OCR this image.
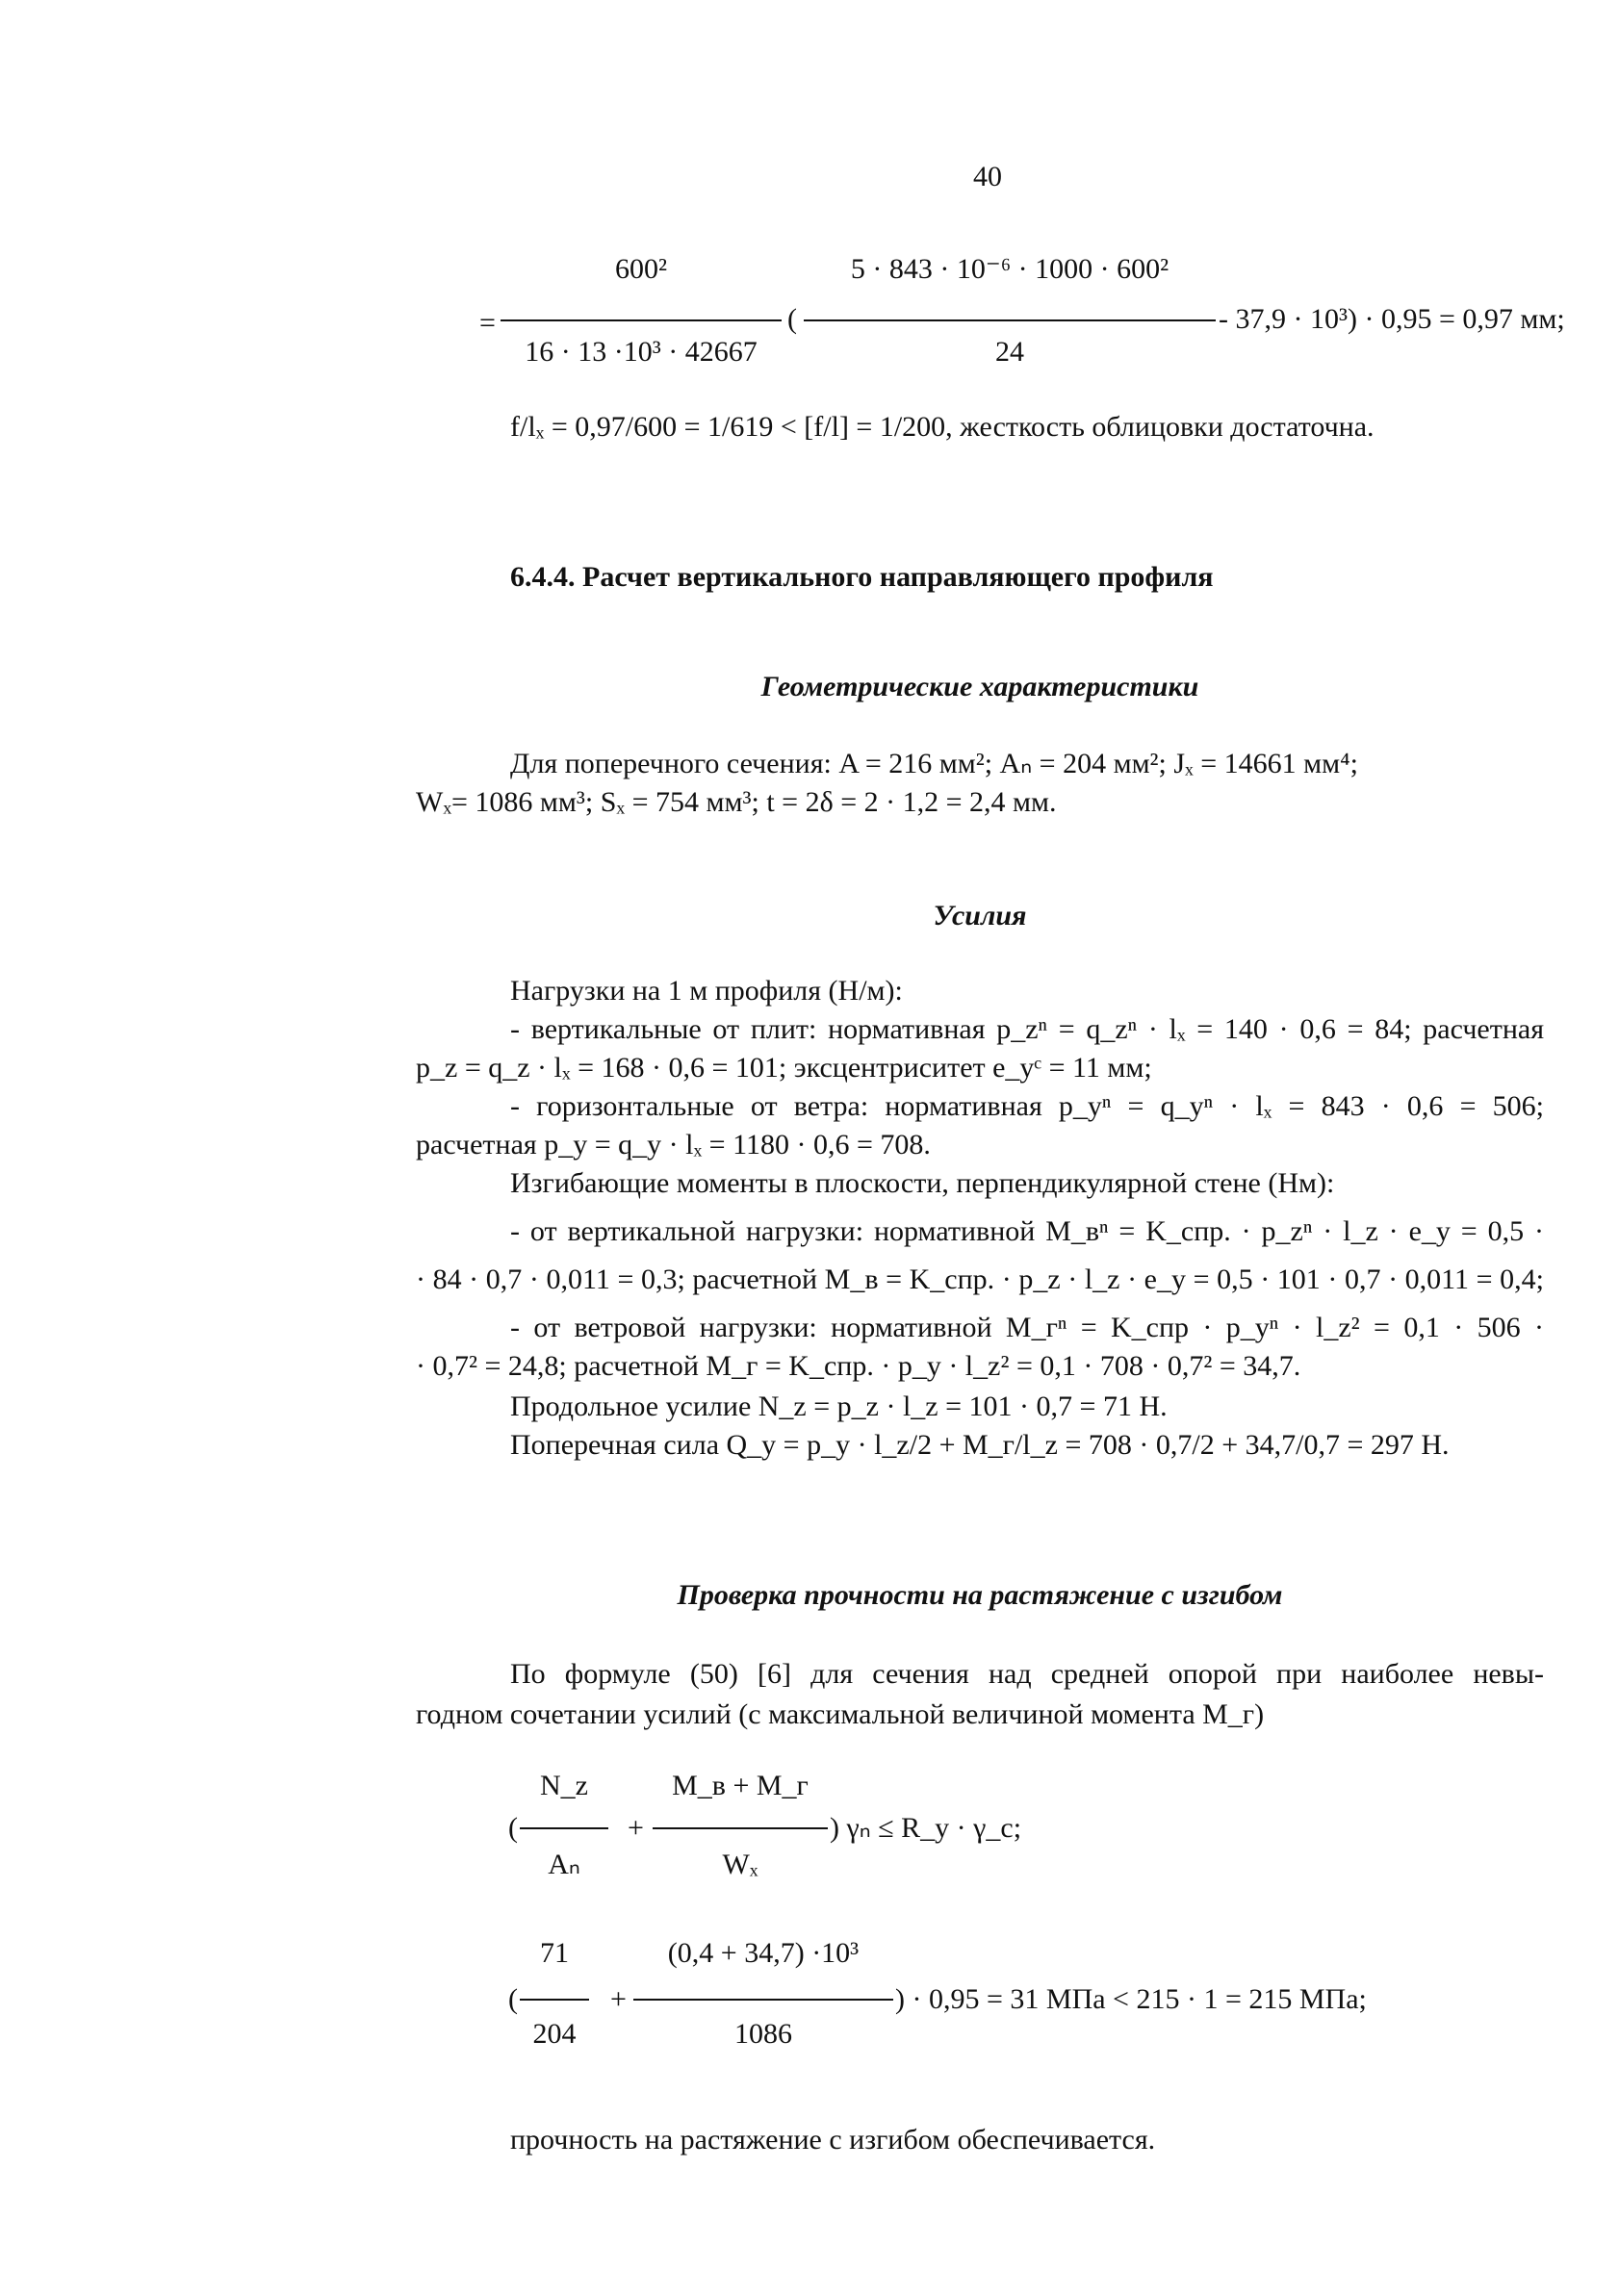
40
=
600²
16 · 13 ·10³ · 42667
(
5 · 843 · 10⁻⁶ · 1000 · 600²
24
- 37,9 · 10³) · 0,95 = 0,97 мм;
f/lₓ = 0,97/600 = 1/619 < [f/l] = 1/200, жесткость облицовки достаточна.
6.4.4. Расчет вертикального направляющего профиля
Геометрические характеристики
Для поперечного сечения: A = 216 мм²; Aₙ = 204 мм²; Jₓ = 14661 мм⁴;
Wₓ= 1086 мм³; Sₓ = 754 мм³; t = 2δ = 2 · 1,2 = 2,4 мм.
Усилия
Нагрузки на 1 м профиля (Н/м):
- вертикальные от плит: нормативная p_zⁿ = q_zⁿ · lₓ = 140 · 0,6 = 84; расчетная
p_z = q_z · lₓ = 168 · 0,6 = 101; эксцентриситет e_yᶜ = 11 мм;
- горизонтальные от ветра: нормативная p_yⁿ = q_yⁿ · lₓ = 843 · 0,6 = 506;
расчетная p_y = q_y · lₓ = 1180 · 0,6 = 708.
Изгибающие моменты в плоскости, перпендикулярной стене (Нм):
- от вертикальной нагрузки: нормативной M_вⁿ = K_спр. · p_zⁿ · l_z · e_y = 0,5 ·
· 84 · 0,7 · 0,011 = 0,3; расчетной M_в = K_спр. · p_z · l_z · e_y = 0,5 · 101 · 0,7 · 0,011 = 0,4;
- от ветровой нагрузки: нормативной M_гⁿ = K_спр · p_yⁿ · l_z² = 0,1 · 506 ·
· 0,7² = 24,8; расчетной M_г = K_спр. · p_y · l_z² = 0,1 · 708 · 0,7² = 34,7.
Продольное усилие N_z = p_z · l_z = 101 · 0,7 = 71 Н.
Поперечная сила Q_y = p_y · l_z/2 + M_г/l_z = 708 · 0,7/2 + 34,7/0,7 = 297 Н.
Проверка прочности на растяжение с изгибом
По формуле (50) [6] для сечения над средней опорой при наиболее невы-
годном сочетании усилий (с максимальной величиной момента M_г)
(
N_z
Aₙ
+
M_в + M_г
Wₓ
) γₙ ≤ R_y · γ_c;
(
71
204
+
(0,4 + 34,7) ·10³
1086
) · 0,95 = 31 МПа < 215 · 1 = 215 МПа;
прочность на растяжение с изгибом обеспечивается.
